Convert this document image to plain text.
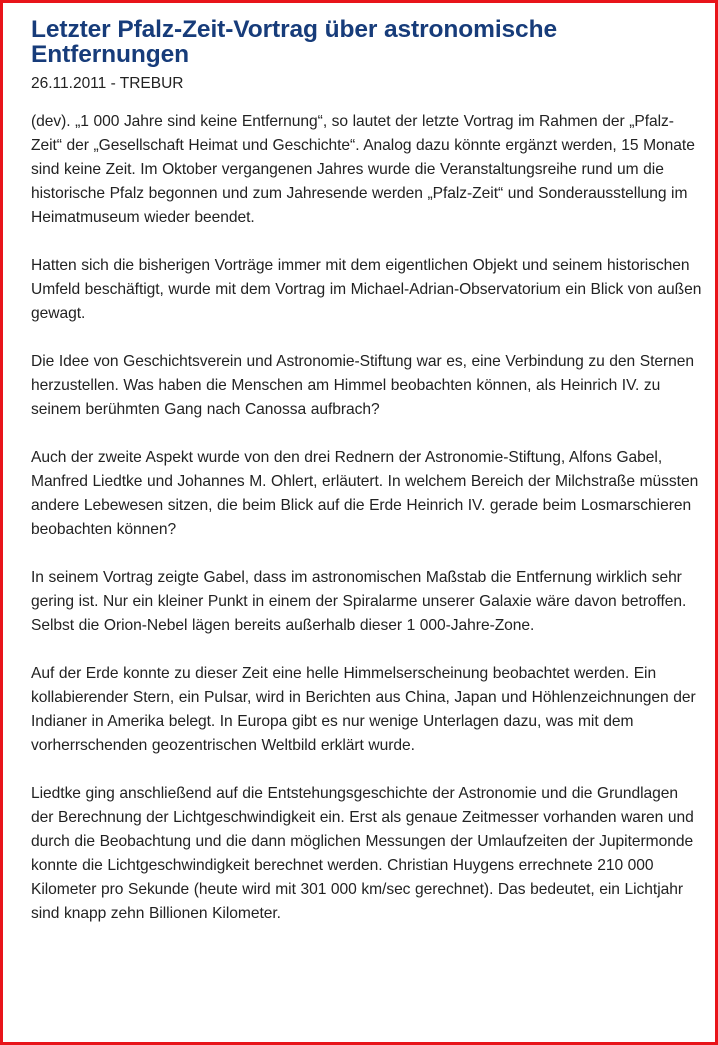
Letzter Pfalz-Zeit-Vortrag über astronomische Entfernungen
26.11.2011 - TREBUR

(dev). „1 000 Jahre sind keine Entfernung“, so lautet der letzte Vortrag im Rahmen der „Pfalz-Zeit“ der „Gesellschaft Heimat und Geschichte“. Analog dazu könnte ergänzt werden, 15 Monate sind keine Zeit. Im Oktober vergangenen Jahres wurde die Veranstaltungsreihe rund um die historische Pfalz begonnen und zum Jahresende werden „Pfalz-Zeit“ und Sonderausstellung im Heimatmuseum wieder beendet.

Hatten sich die bisherigen Vorträge immer mit dem eigentlichen Objekt und seinem historischen Umfeld beschäftigt, wurde mit dem Vortrag im Michael-Adrian-Observatorium ein Blick von außen gewagt.

Die Idee von Geschichtsverein und Astronomie-Stiftung war es, eine Verbindung zu den Sternen herzustellen. Was haben die Menschen am Himmel beobachten können, als Heinrich IV. zu seinem berühmten Gang nach Canossa aufbrach?

Auch der zweite Aspekt wurde von den drei Rednern der Astronomie-Stiftung, Alfons Gabel, Manfred Liedtke und Johannes M. Ohlert, erläutert. In welchem Bereich der Milchstraße müssten andere Lebewesen sitzen, die beim Blick auf die Erde Heinrich IV. gerade beim Losmarschieren beobachten können?

In seinem Vortrag zeigte Gabel, dass im astronomischen Maßstab die Entfernung wirklich sehr gering ist. Nur ein kleiner Punkt in einem der Spiralarme unserer Galaxie wäre davon betroffen. Selbst die Orion-Nebel lägen bereits außerhalb dieser 1 000-Jahre-Zone.

Auf der Erde konnte zu dieser Zeit eine helle Himmelserscheinung beobachtet werden. Ein kollabierender Stern, ein Pulsar, wird in Berichten aus China, Japan und Höhlenzeichnungen der Indianer in Amerika belegt. In Europa gibt es nur wenige Unterlagen dazu, was mit dem vorherrschenden geozentrischen Weltbild erklärt wurde.

Liedtke ging anschließend auf die Entstehungsgeschichte der Astronomie und die Grundlagen der Berechnung der Lichtgeschwindigkeit ein. Erst als genaue Zeitmesser vorhanden waren und durch die Beobachtung und die dann möglichen Messungen der Umlaufzeiten der Jupitermonde konnte die Lichtgeschwindigkeit berechnet werden. Christian Huygens errechnete 210 000 Kilometer pro Sekunde (heute wird mit 301 000 km/sec gerechnet). Das bedeutet, ein Lichtjahr sind knapp zehn Billionen Kilometer.
